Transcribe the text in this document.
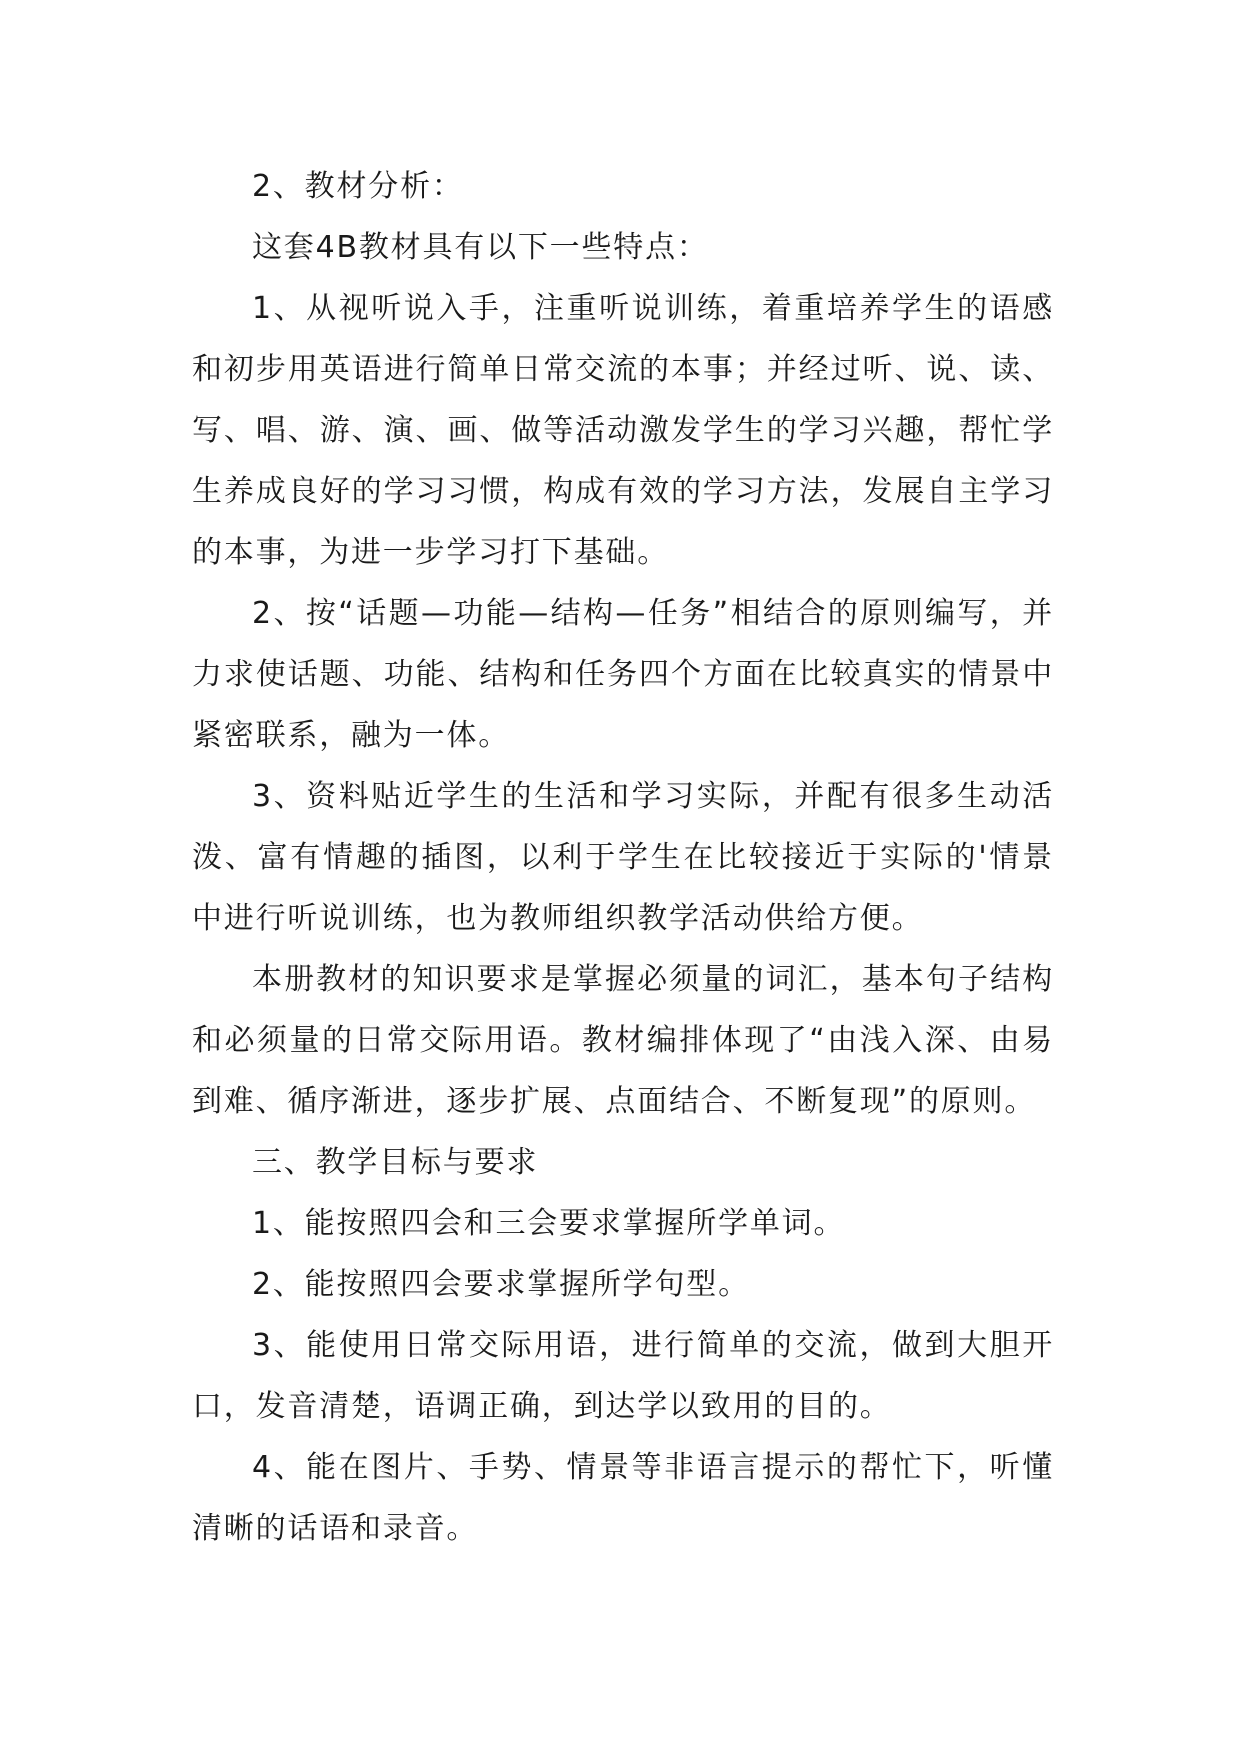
2、教材分析：

这套4B教材具有以下一些特点：

1、从视听说入手，注重听说训练，着重培养学生的语感和初步用英语进行简单日常交流的本事；并经过听、说、读、写、唱、游、演、画、做等活动激发学生的学习兴趣，帮忙学生养成良好的学习习惯，构成有效的学习方法，发展自主学习的本事，为进一步学习打下基础。

2、按“话题—功能—结构—任务”相结合的原则编写，并力求使话题、功能、结构和任务四个方面在比较真实的情景中紧密联系，融为一体。

3、资料贴近学生的生活和学习实际，并配有很多生动活泼、富有情趣的插图，以利于学生在比较接近于实际的'情景中进行听说训练，也为教师组织教学活动供给方便。

本册教材的知识要求是掌握必须量的词汇，基本句子结构和必须量的日常交际用语。教材编排体现了“由浅入深、由易到难、循序渐进，逐步扩展、点面结合、不断复现”的原则。

三、教学目标与要求

1、能按照四会和三会要求掌握所学单词。

2、能按照四会要求掌握所学句型。

3、能使用日常交际用语，进行简单的交流，做到大胆开口，发音清楚，语调正确，到达学以致用的目的。

4、能在图片、手势、情景等非语言提示的帮忙下，听懂清晰的话语和录音。
